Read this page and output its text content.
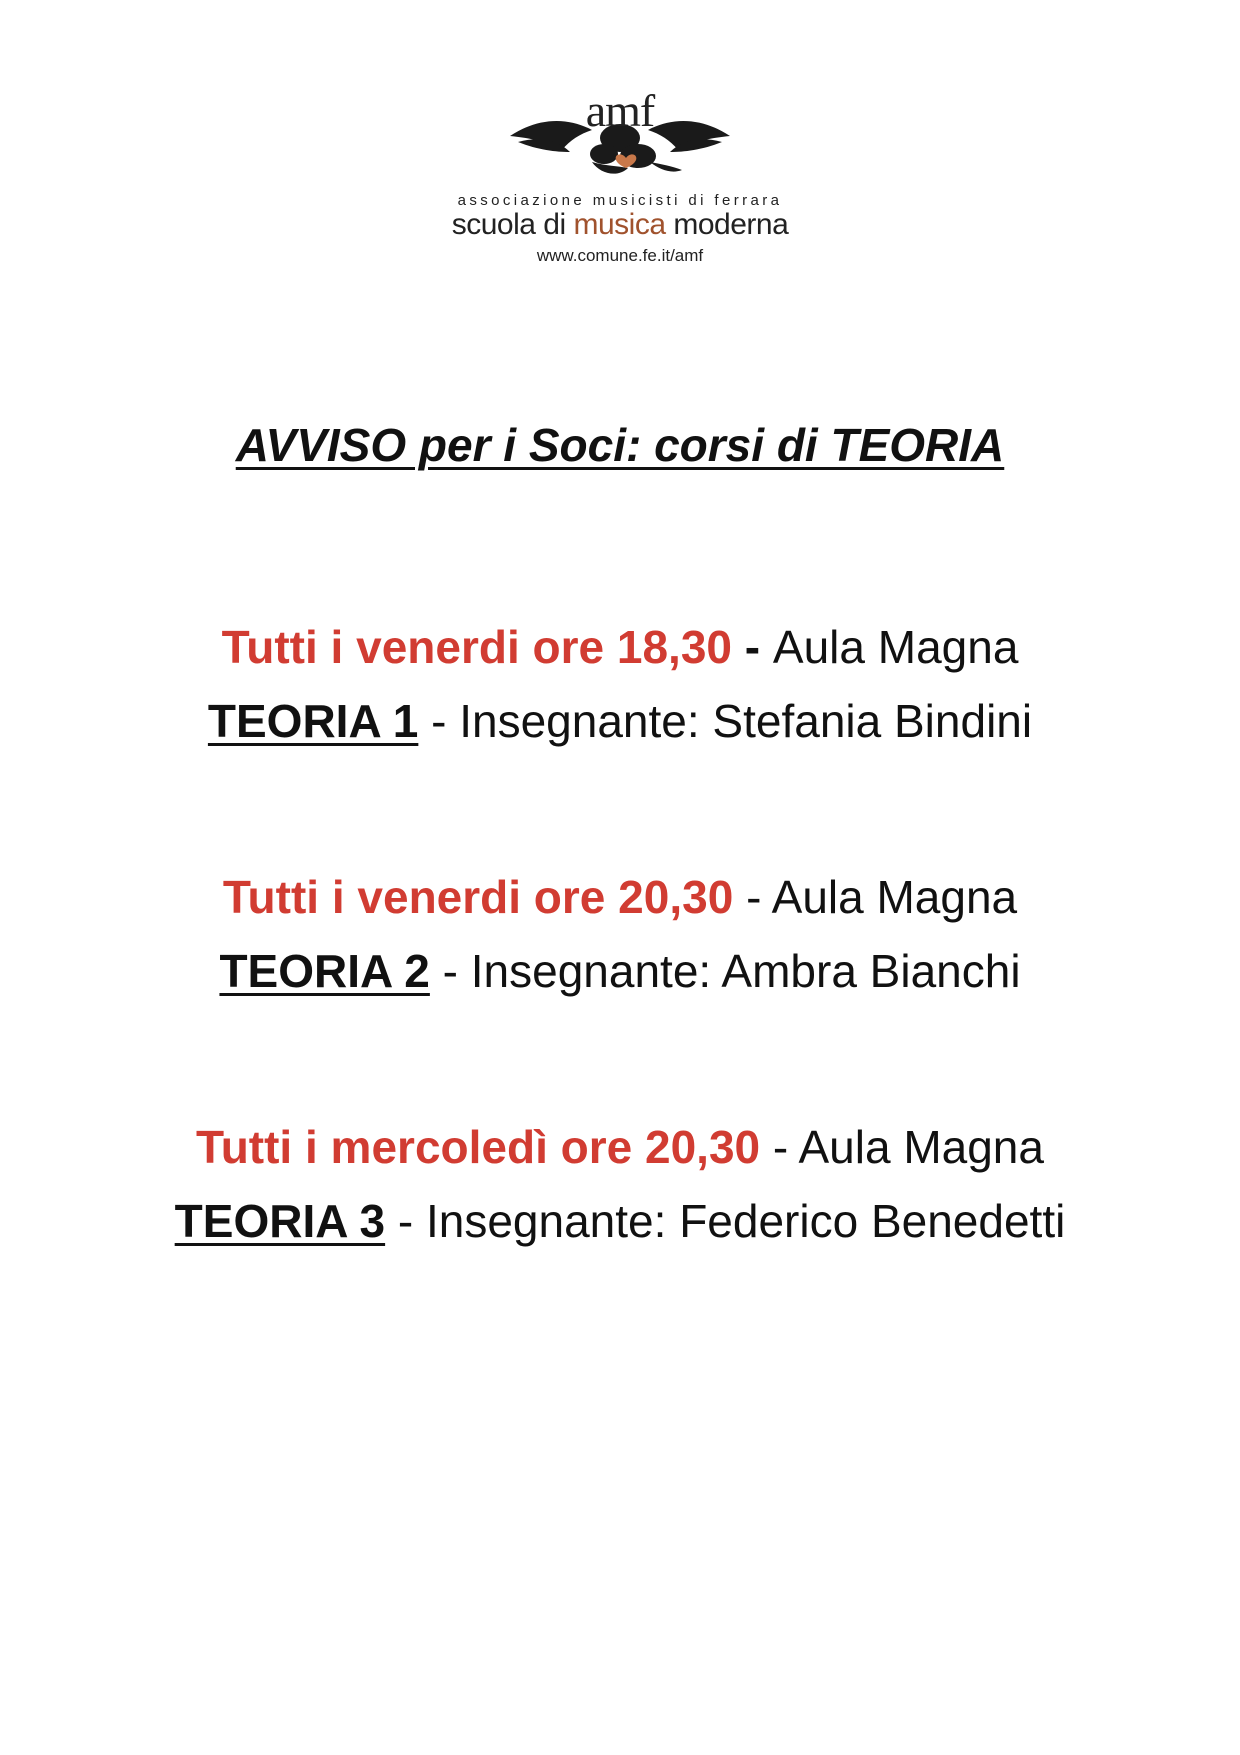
amf
associazione musicisti di ferrara
scuola di musica moderna
www.comune.fe.it/amf
AVVISO per i Soci: corsi di TEORIA
Tutti i venerdi ore 18,30 - Aula Magna
TEORIA 1 - Insegnante: Stefania Bindini
Tutti i venerdi ore 20,30 - Aula Magna
TEORIA 2 - Insegnante: Ambra Bianchi
Tutti i mercoledì ore 20,30 - Aula Magna
TEORIA 3 - Insegnante: Federico Benedetti
